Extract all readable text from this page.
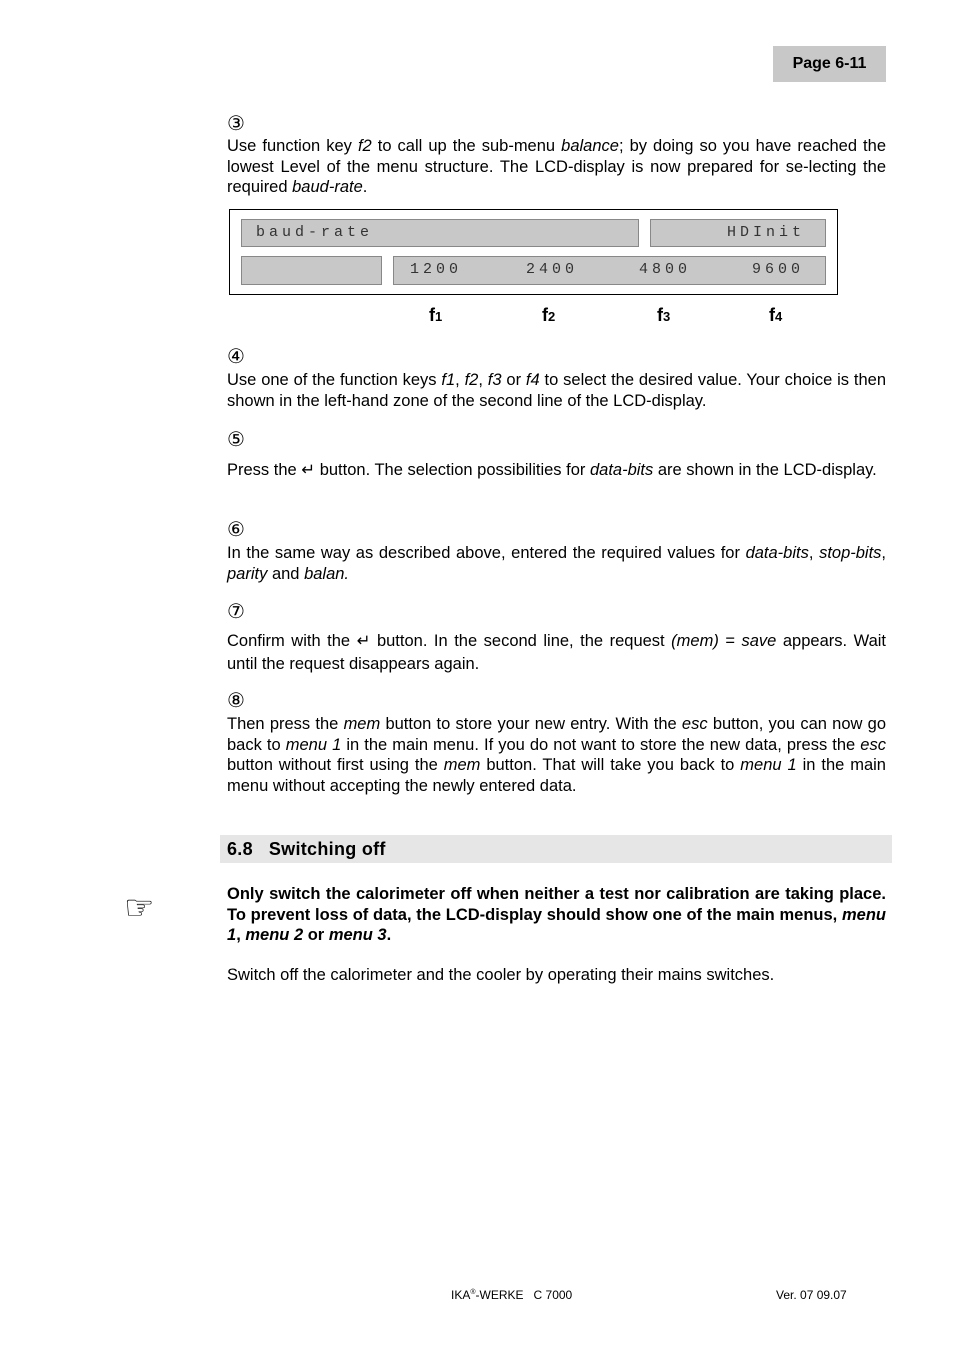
Page 6-11
③
Use function key f2 to call up the sub-menu balance; by doing so you have reached the lowest Level of the menu structure. The LCD-display is now prepared for se-lecting the required baud-rate.
baud-rate	HDInit
1200	2400	4800	9600
f1	f2	f3	f4
④
Use one of the function keys f1, f2, f3 or f4 to select the desired value. Your choice is then shown in the left-hand zone of the second line of the LCD-display.
⑤
Press the ↵ button. The selection possibilities for data-bits are shown in the LCD-display.
⑥
In the same way as described above, entered the required values for data-bits, stop-bits, parity and balan.
⑦
Confirm with the ↵ button. In the second line, the request (mem) = save appears. Wait until the request disappears again.
⑧
Then press the mem button to store your new entry. With the esc button, you can now go back to menu 1 in the main menu. If you do not want to store the new data, press the esc button without first using the mem button. That will take you back to menu 1 in the main menu without accepting the newly entered data.
6.8 Switching off
☞	Only switch the calorimeter off when neither a test nor calibration are taking place. To prevent loss of data, the LCD-display should show one of the main menus, menu 1, menu 2 or menu 3.
Switch off the calorimeter and the cooler by operating their mains switches.
IKA®-WERKE   C 7000	Ver. 07 09.07
